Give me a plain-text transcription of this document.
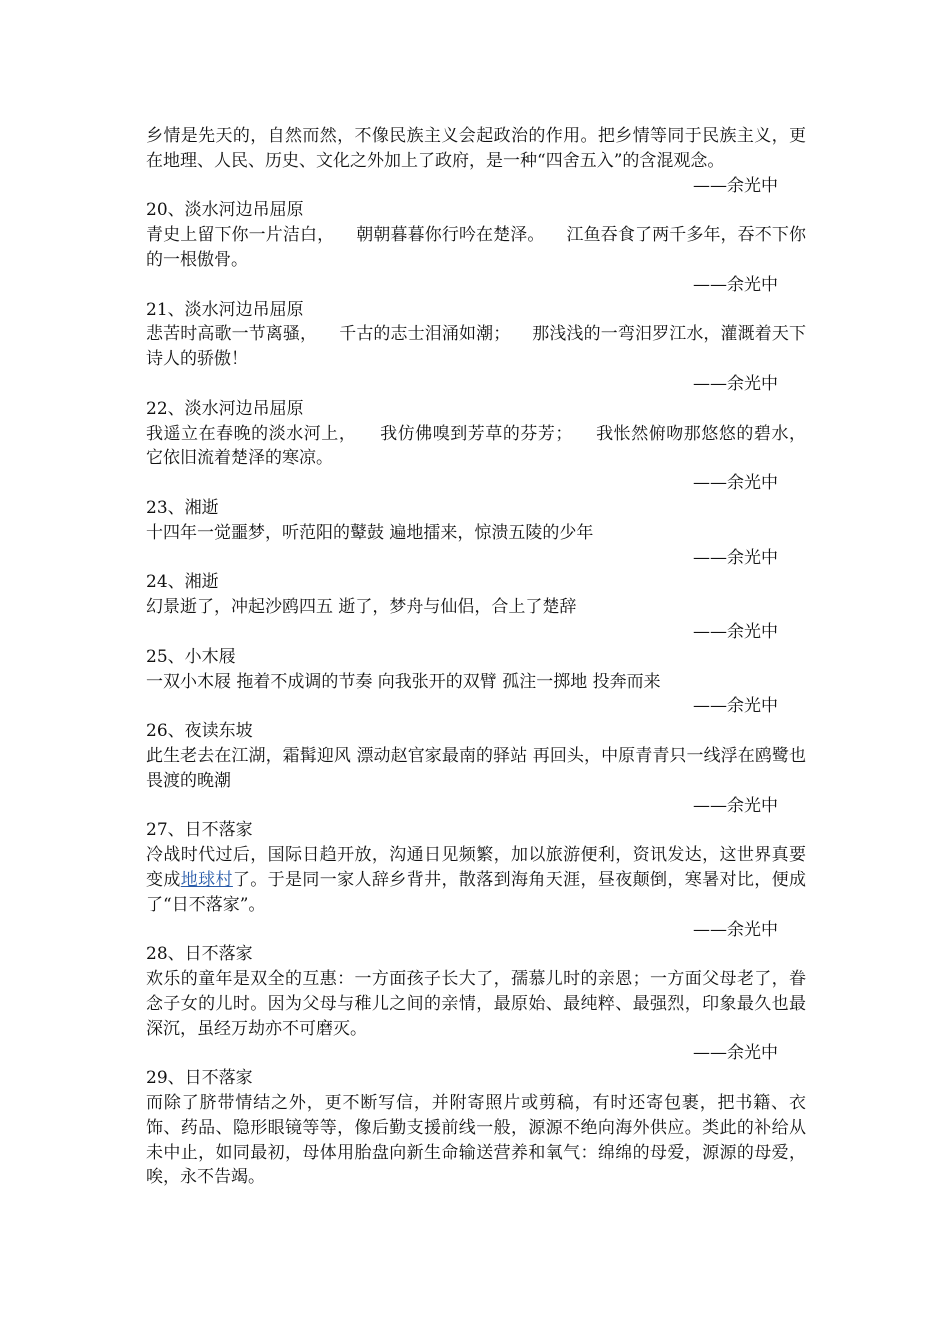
乡情是先天的，自然而然，不像民族主义会起政治的作用。把乡情等同于民族主义，更在地理、人民、历史、文化之外加上了政府，是一种“四舍五入”的含混观念。

——余光中

20、淡水河边吊屈原

青史上留下你一片洁白，    朝朝暮暮你行吟在楚泽。    江鱼吞食了两千多年，吞不下你的一根傲骨。

——余光中

21、淡水河边吊屈原

悲苦时高歌一节离骚，    千古的志士泪涌如潮；    那浅浅的一弯汨罗江水，灌溉着天下诗人的骄傲！

——余光中

22、淡水河边吊屈原

我遥立在春晚的淡水河上，    我仿佛嗅到芳草的芬芳；    我怅然俯吻那悠悠的碧水，    它依旧流着楚泽的寒凉。

——余光中

23、湘逝

十四年一觉噩梦，听范阳的鼙鼓 遍地擂来，惊溃五陵的少年

——余光中

24、湘逝

幻景逝了，冲起沙鸥四五 逝了，梦舟与仙侣，合上了楚辞

——余光中

25、小木屐

一双小木屐 拖着不成调的节奏 向我张开的双臂 孤注一掷地 投奔而来

——余光中

26、夜读东坡

此生老去在江湖，霜髯迎风 漂动赵官家最南的驿站 再回头，中原青青只一线浮在鸥鹭也畏渡的晚潮

——余光中

27、日不落家

冷战时代过后，国际日趋开放，沟通日见频繁，加以旅游便利，资讯发达，这世界真要变成地球村了。于是同一家人辞乡背井，散落到海角天涯，昼夜颠倒，寒暑对比，便成了“日不落家”。

——余光中

28、日不落家

欢乐的童年是双全的互惠：一方面孩子长大了，孺慕儿时的亲恩；一方面父母老了，眷念子女的儿时。因为父母与稚儿之间的亲情，最原始、最纯粹、最强烈，印象最久也最深沉，虽经万劫亦不可磨灭。

——余光中

29、日不落家

而除了脐带情结之外，更不断写信，并附寄照片或剪稿，有时还寄包裹，把书籍、衣饰、药品、隐形眼镜等等，像后勤支援前线一般，源源不绝向海外供应。类此的补给从未中止，如同最初，母体用胎盘向新生命输送营养和氧气：绵绵的母爱，源源的母爱，唉，永不告竭。
